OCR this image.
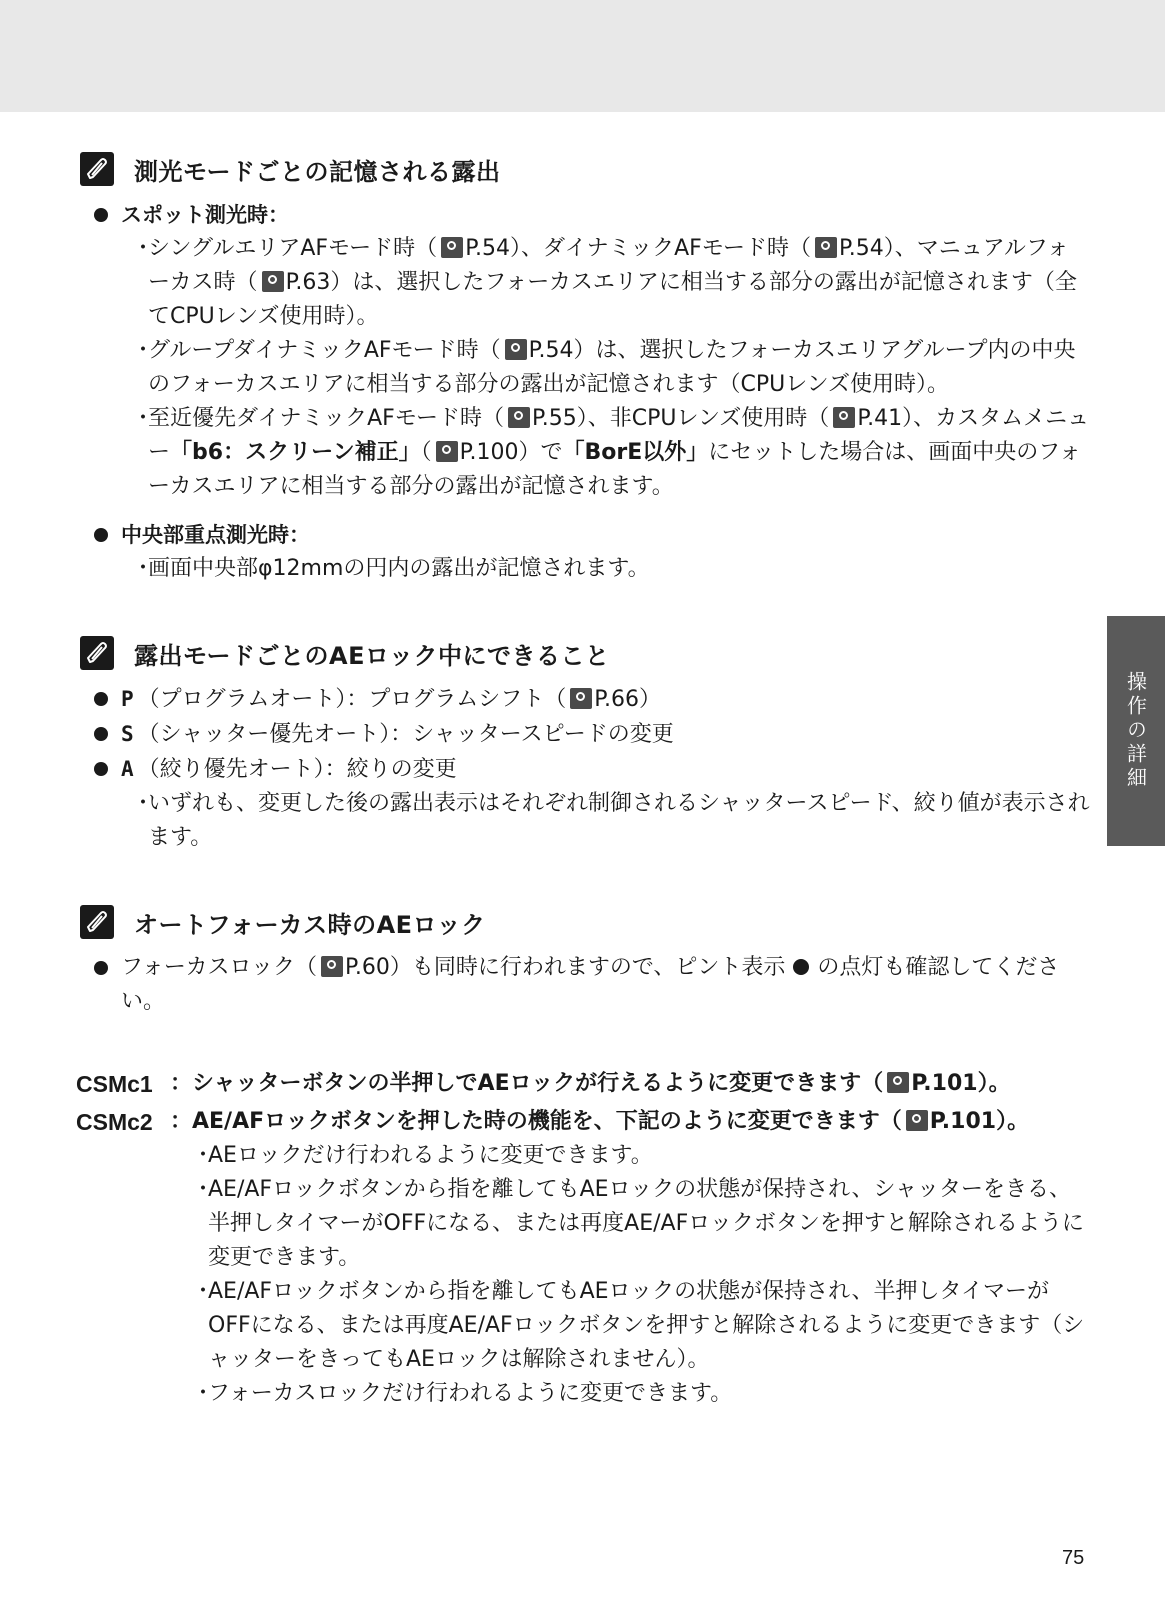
測光モードごとの記憶される露出
スポット測光時：
・
シングルエリアAFモード時（ P.54）、ダイナミックAFモード時（ P.54）、マニュアルフォーカス時（ P.63）は、選択したフォーカスエリアに相当する部分の露出が記憶されます（全てCPUレンズ使用時）。
・
グループダイナミックAFモード時（ P.54）は、選択したフォーカスエリアグループ内の中央のフォーカスエリアに相当する部分の露出が記憶されます（CPUレンズ使用時）。
・
至近優先ダイナミックAFモード時（ P.55）、非CPUレンズ使用時（ P.41）、カスタムメニュー「b6：スクリーン補正」（ P.100）で「BorE以外」にセットした場合は、画面中央のフォーカスエリアに相当する部分の露出が記憶されます。
中央部重点測光時：
・
画面中央部φ12mmの円内の露出が記憶されます。
露出モードごとのAEロック中にできること
P （プログラムオート）：プログラムシフト（ P.66）
S （シャッター優先オート）：シャッタースピードの変更
A （絞り優先オート）：絞りの変更
・
いずれも、変更した後の露出表示はそれぞれ制御されるシャッタースピード、絞り値が表示されます。
オートフォーカス時のAEロック
フォーカスロック（ P.60）も同時に行われますので、ピント表示 の点灯も確認してください。
CSMc1 ：シャッターボタンの半押しでAEロックが行えるように変更できます（ P.101）。
CSMc2 ：AE/AFロックボタンを押した時の機能を、下記のように変更できます（ P.101）。
・
AEロックだけ行われるように変更できます。
・
AE/AFロックボタンから指を離してもAEロックの状態が保持され、シャッターをきる、半押しタイマーがOFFになる、または再度AE/AFロックボタンを押すと解除されるように変更できます。
・
AE/AFロックボタンから指を離してもAEロックの状態が保持され、半押しタイマーがOFFになる、または再度AE/AFロックボタンを押すと解除されるように変更できます（シャッターをきってもAEロックは解除されません）。
・
フォーカスロックだけ行われるように変更できます。
操作の詳細
75
